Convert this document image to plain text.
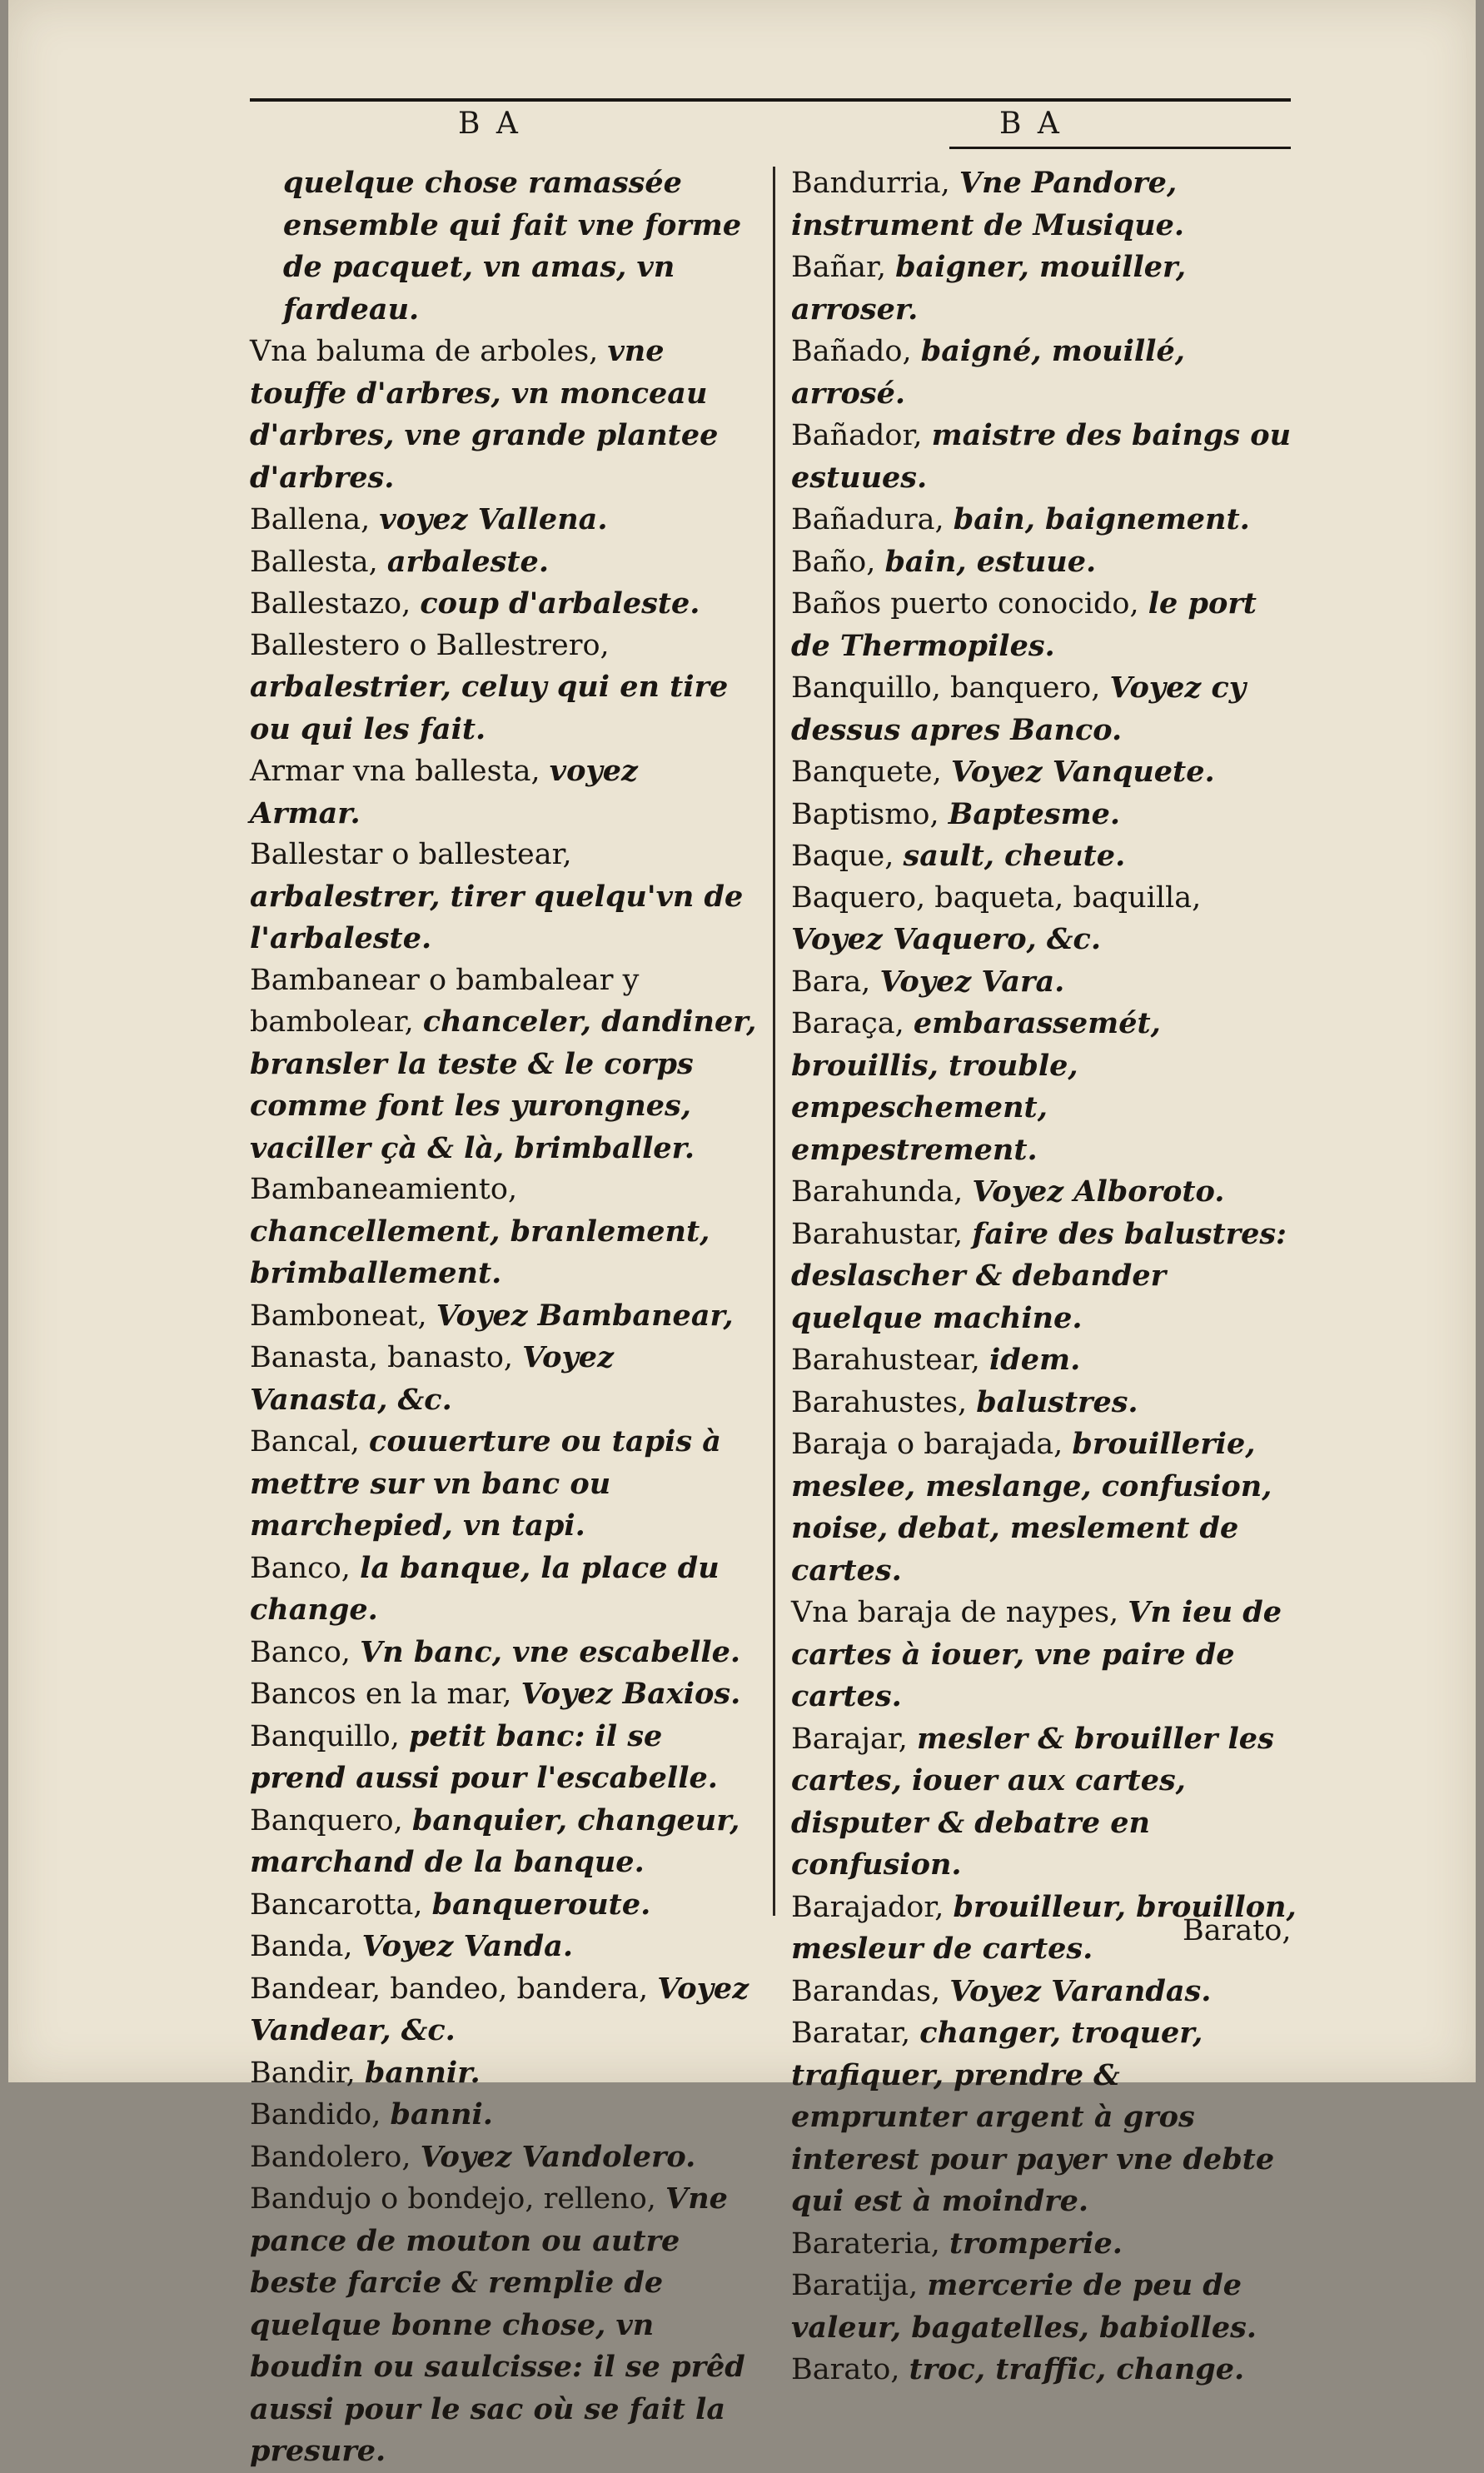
B A	B A

quelque chose ramassée ensemble qui fait vne forme de pacquet, vn amas, vn fardeau.

Vna baluma de arboles, vne touffe d'arbres, vn monceau d'arbres, vne grande plantee d'arbres.

Ballena, voyez Vallena.

Ballesta, arbaleste.

Ballestazo, coup d'arbaleste.

Ballestero o Ballestrero, arbalestrier, celuy qui en tire ou qui les fait.

Armar vna ballesta, voyez Armar.

Ballestar o ballestear, arbalestrer, tirer quelqu'vn de l'arbaleste.

Bambanear o bambalear y bambolear, chanceler, dandiner, bransler la teste & le corps comme font les yurongnes, vaciller çà & là, brimballer.

Bambaneamiento, chancellement, branlement, brimballement.

Bamboneat, Voyez Bambanear,

Banasta, banasto, Voyez Vanasta, &c.

Bancal, couuerture ou tapis à mettre sur vn banc ou marchepied, vn tapi.

Banco, la banque, la place du change.

Banco, Vn banc, vne escabelle.

Bancos en la mar, Voyez Baxios.

Banquillo, petit banc: il se prend aussi pour l'escabelle.

Banquero, banquier, changeur, marchand de la banque.

Bancarotta, banqueroute.

Banda, Voyez Vanda.

Bandear, bandeo, bandera, Voyez Vandear, &c.

Bandir, bannir.

Bandido, banni.

Bandolero, Voyez Vandolero.

Bandujo o bondejo, relleno, Vne pance de mouton ou autre beste farcie & remplie de quelque bonne chose, vn boudin ou saulcisse: il se prêd aussi pour le sac où se fait la presure.

Bandurria, Vne Pandore, instrument de Musique.

Bañar, baigner, mouiller, arroser.

Bañado, baigné, mouillé, arrosé.

Bañador, maistre des baings ou estuues.

Bañadura, bain, baignement.

Baño, bain, estuue.

Baños puerto conocido, le port de Thermopiles.

Banquillo, banquero, Voyez cy dessus apres Banco.

Banquete, Voyez Vanquete.

Baptismo, Baptesme.

Baque, sault, cheute.

Baquero, baqueta, baquilla, Voyez Vaquero, &c.

Bara, Voyez Vara.

Baraça, embarassemét, brouillis, trouble, empeschement, empestrement.

Barahunda, Voyez Alboroto.

Barahustar, faire des balustres: deslascher & debander quelque machine.

Barahustear, idem.

Barahustes, balustres.

Baraja o barajada, brouillerie, meslee, meslange, confusion, noise, debat, meslement de cartes.

Vna baraja de naypes, Vn ieu de cartes à iouer, vne paire de cartes.

Barajar, mesler & brouiller les cartes, iouer aux cartes, disputer & debatre en confusion.

Barajador, brouilleur, brouillon, mesleur de cartes.

Barandas, Voyez Varandas.

Baratar, changer, troquer, trafiquer, prendre & emprunter argent à gros interest pour payer vne debte qui est à moindre.

Barateria, tromperie.

Baratija, mercerie de peu de valeur, bagatelles, babiolles.

Barato, troc, traffic, change.

Barato,
